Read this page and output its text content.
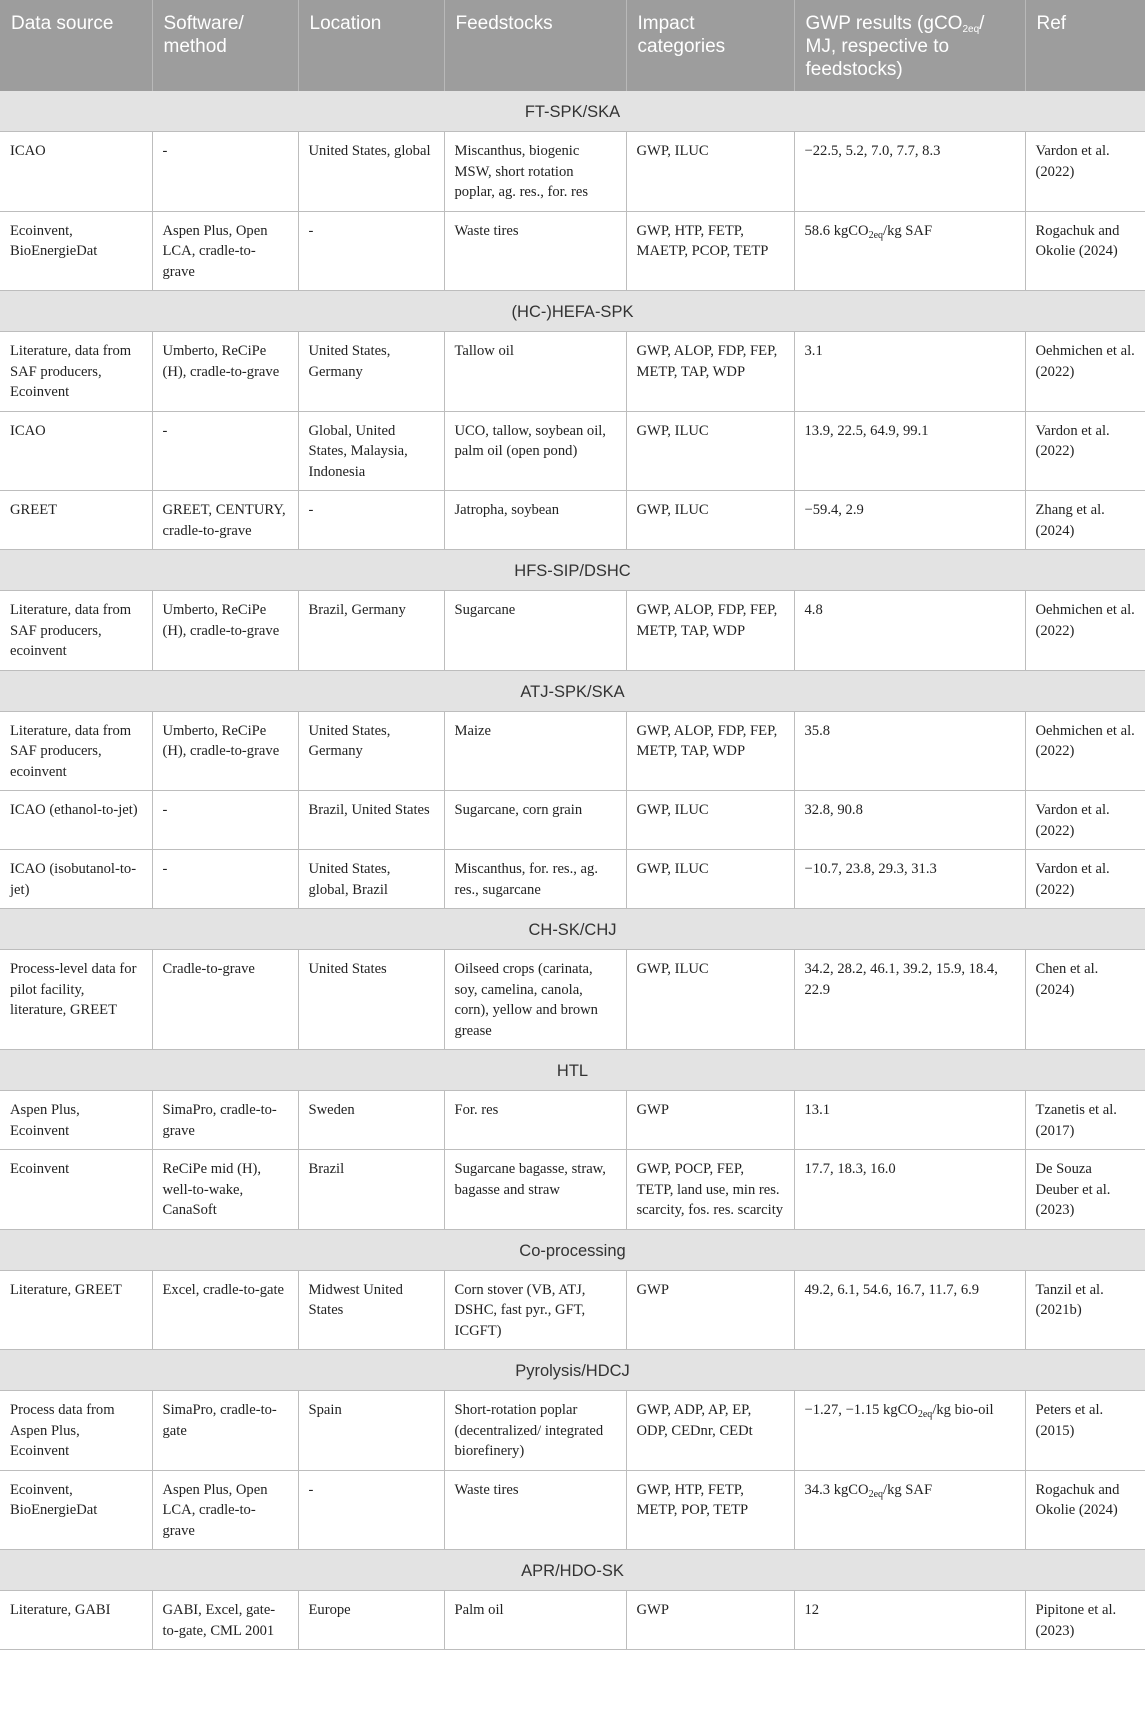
Data source	Software/ method	Location	Feedstocks	Impact categories	GWP results (gCO$_{2eq}$/ MJ, respective to feedstocks)	Ref
FT-SPK/SKA						
ICAO	-	United States, global	Miscanthus, biogenic MSW, short rotation poplar, ag. res., for. res	GWP, ILUC	−22.5, 5.2, 7.0, 7.7, 8.3	Vardon et al. (2022)
Ecoinvent, BioEnergieDat	Aspen Plus, Open LCA, cradle-to-grave	-	Waste tires	GWP, HTP, FETP, MAETP, PCOP, TETP	58.6 kgCO$_{2eq}$/kg SAF	Rogachuk and Okolie (2024)
(HC-)HEFA-SPK						
Literature, data from SAF producers, Ecoinvent	Umberto, ReCiPe (H), cradle-to-grave	United States, Germany	Tallow oil	GWP, ALOP, FDP, FEP, METP, TAP, WDP	3.1	Oehmichen et al. (2022)
ICAO	-	Global, United States, Malaysia, Indonesia	UCO, tallow, soybean oil, palm oil (open pond)	GWP, ILUC	13.9, 22.5, 64.9, 99.1	Vardon et al. (2022)
GREET	GREET, CENTURY, cradle-to-grave	-	Jatropha, soybean	GWP, ILUC	−59.4, 2.9	Zhang et al. (2024)
HFS-SIP/DSHC						
Literature, data from SAF producers, ecoinvent	Umberto, ReCiPe (H), cradle-to-grave	Brazil, Germany	Sugarcane	GWP, ALOP, FDP, FEP, METP, TAP, WDP	4.8	Oehmichen et al. (2022)
ATJ-SPK/SKA						
Literature, data from SAF producers, ecoinvent	Umberto, ReCiPe (H), cradle-to-grave	United States, Germany	Maize	GWP, ALOP, FDP, FEP, METP, TAP, WDP	35.8	Oehmichen et al. (2022)
ICAO (ethanol-to-jet)	-	Brazil, United States	Sugarcane, corn grain	GWP, ILUC	32.8, 90.8	Vardon et al. (2022)
ICAO (isobutanol-to-jet)	-	United States, global, Brazil	Miscanthus, for. res., ag. res., sugarcane	GWP, ILUC	−10.7, 23.8, 29.3, 31.3	Vardon et al. (2022)
CH-SK/CHJ						
Process-level data for pilot facility, literature, GREET	Cradle-to-grave	United States	Oilseed crops (carinata, soy, camelina, canola, corn), yellow and brown grease	GWP, ILUC	34.2, 28.2, 46.1, 39.2, 15.9, 18.4, 22.9	Chen et al. (2024)
HTL						
Aspen Plus, Ecoinvent	SimaPro, cradle-to-grave	Sweden	For. res	GWP	13.1	Tzanetis et al. (2017)
Ecoinvent	ReCiPe mid (H), well-to-wake, CanaSoft	Brazil	Sugarcane bagasse, straw, bagasse and straw	GWP, POCP, FEP, TETP, land use, min res. scarcity, fos. res. scarcity	17.7, 18.3, 16.0	De Souza Deuber et al. (2023)
Co-processing						
Literature, GREET	Excel, cradle-to-gate	Midwest United States	Corn stover (VB, ATJ, DSHC, fast pyr., GFT, ICGFT)	GWP	49.2, 6.1, 54.6, 16.7, 11.7, 6.9	Tanzil et al. (2021b)
Pyrolysis/HDCJ						
Process data from Aspen Plus, Ecoinvent	SimaPro, cradle-to-gate	Spain	Short-rotation poplar (decentralized/ integrated biorefinery)	GWP, ADP, AP, EP, ODP, CEDnr, CEDt	−1.27, −1.15 kgCO$_{2eq}$/kg bio-oil	Peters et al. (2015)
Ecoinvent, BioEnergieDat	Aspen Plus, Open LCA, cradle-to-grave	-	Waste tires	GWP, HTP, FETP, METP, POP, TETP	34.3 kgCO$_{2eq}$/kg SAF	Rogachuk and Okolie (2024)
APR/HDO-SK						
Literature, GABI	GABI, Excel, gate-to-gate, CML 2001	Europe	Palm oil	GWP	12	Pipitone et al. (2023)
